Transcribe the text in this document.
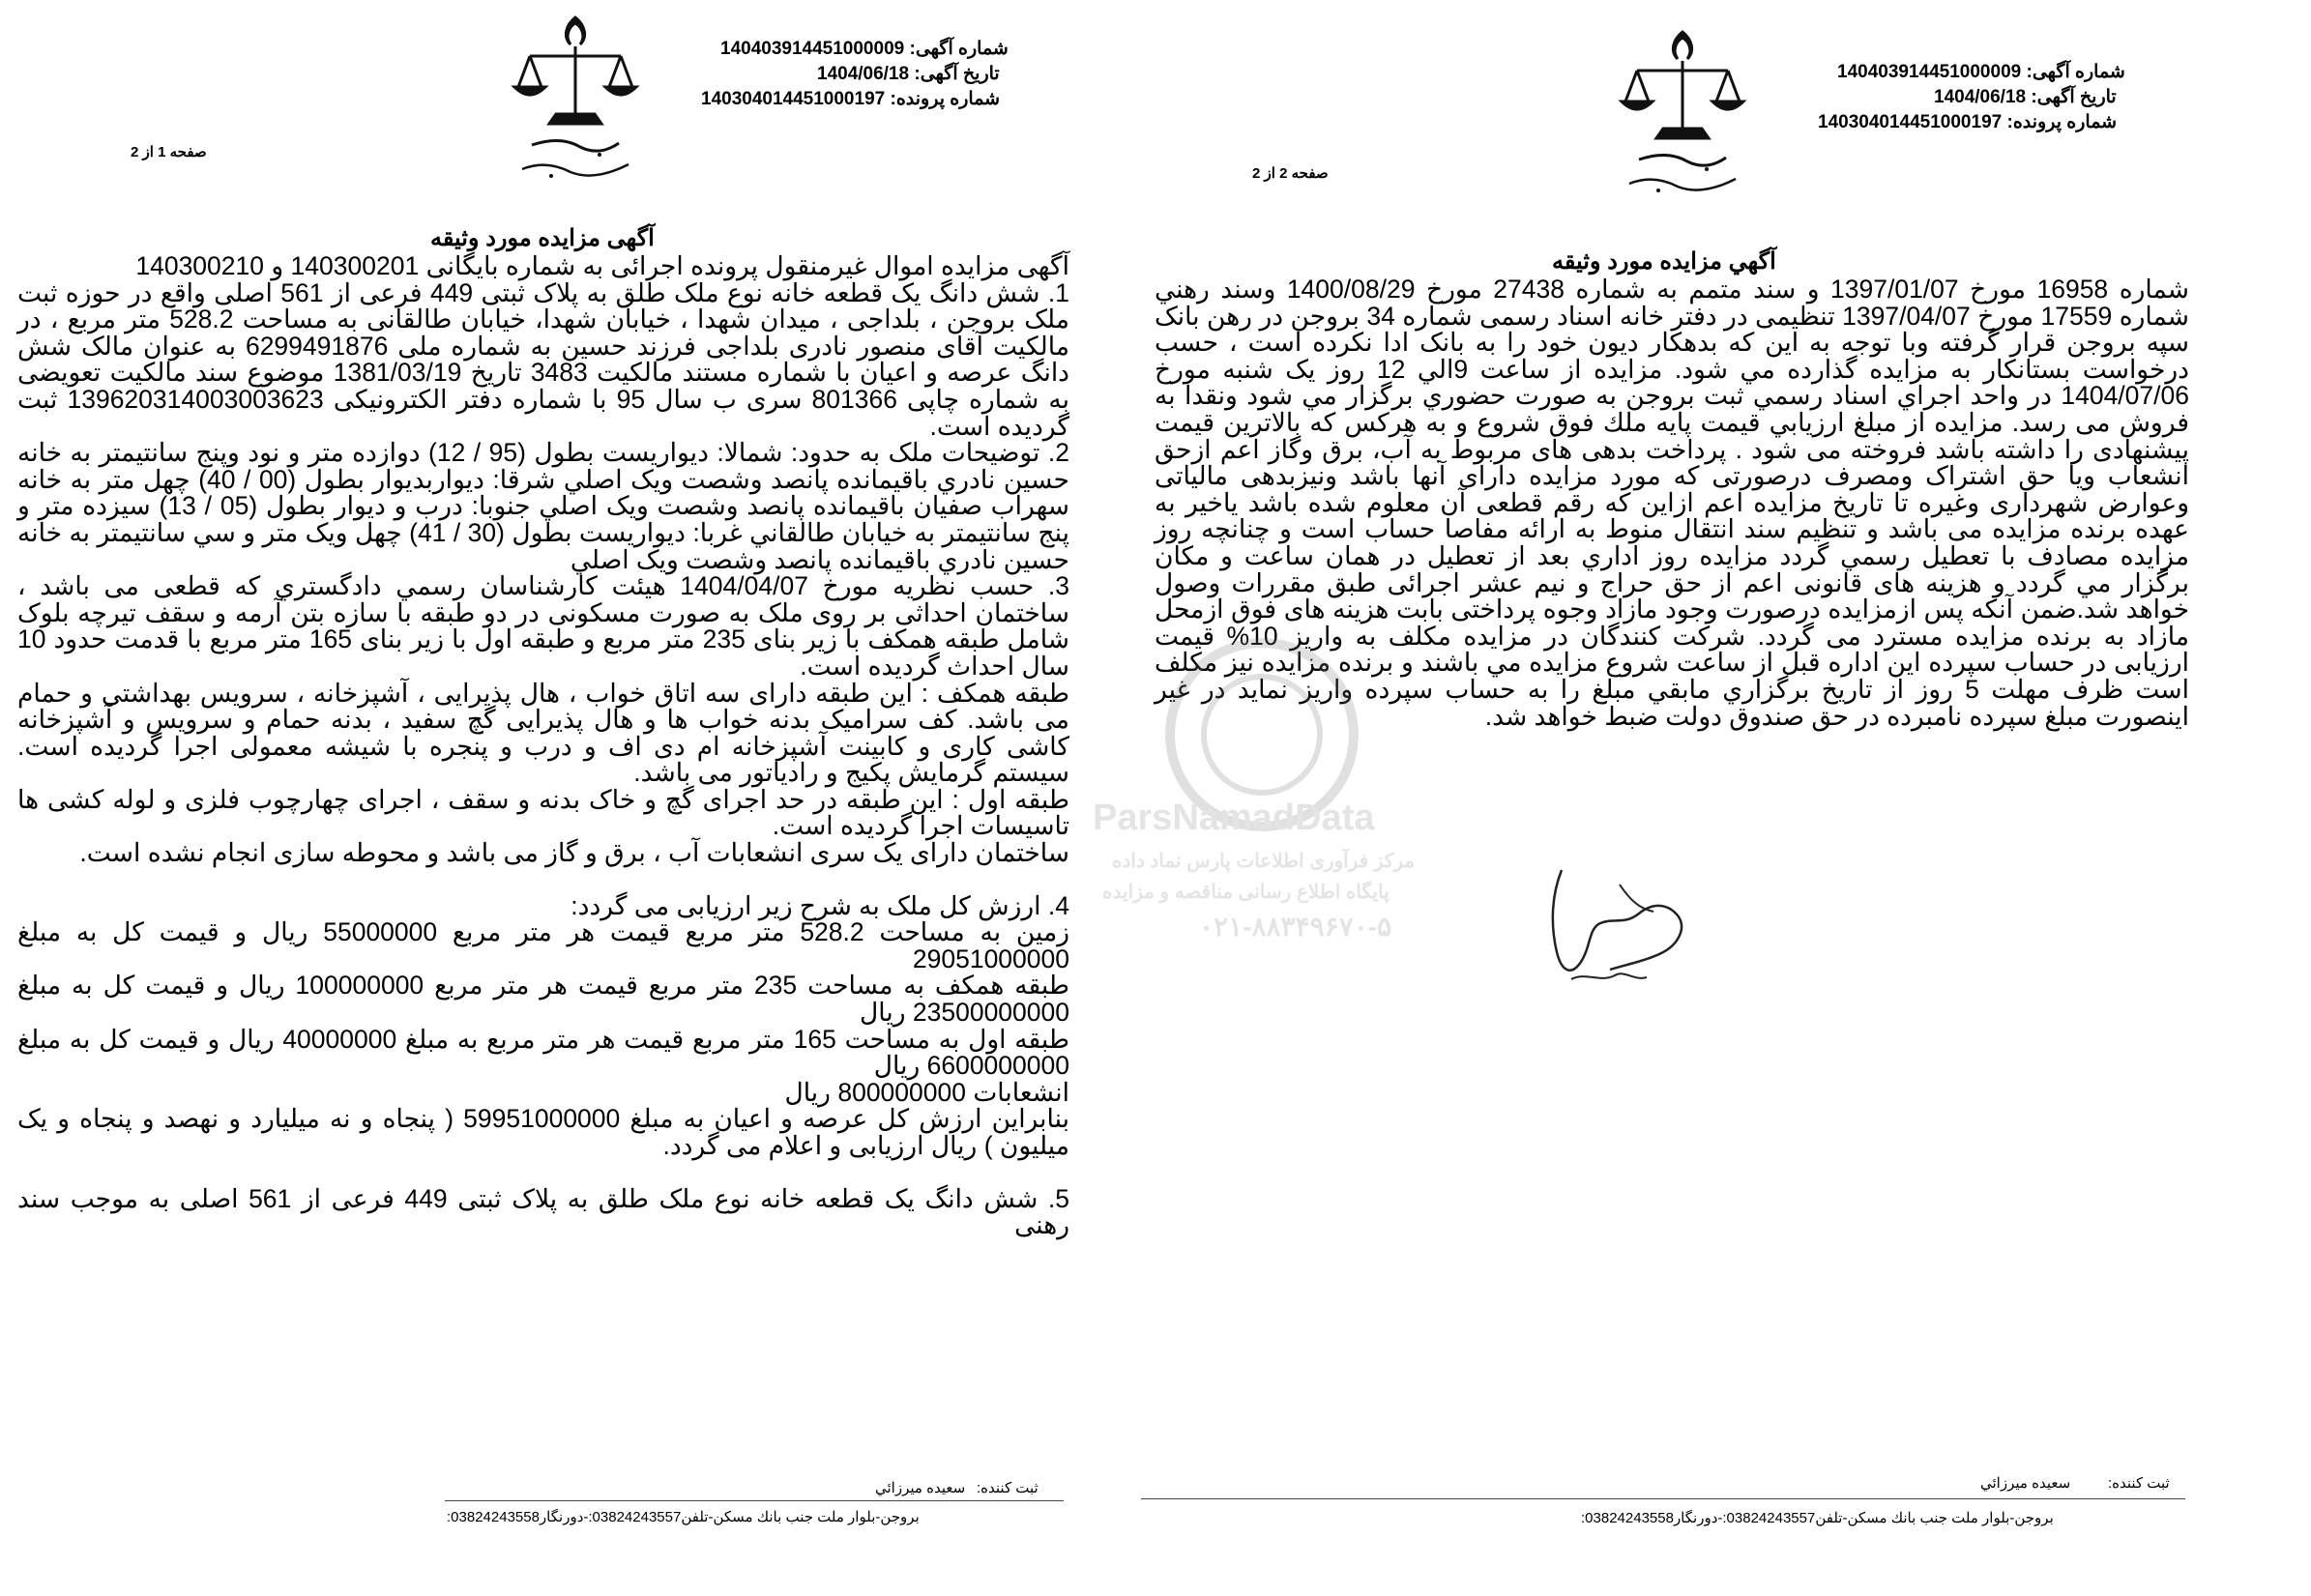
شماره آگهی: 140403914451000009
تاریخ آگهی: 1404/06/18
شماره پرونده: 140304014451000197
صفحه 1 از 2
آگهی مزایده مورد وثیقه

آگهی مزایده اموال غیرمنقول پرونده اجرائی به شماره بایگانی 140300201 و 140300210

1. شش دانگ یک قطعه خانه نوع ملک طلق به پلاک ثبتی 449 فرعی از 561 اصلی واقع در حوزه ثبت ملک بروجن ، بلداجی ، میدان شهدا ، خیابان شهدا، خیابان طالقانی به مساحت 528.2 متر مربع ، در مالکیت آقای منصور نادری بلداجی فرزند حسین به شماره ملی 6299491876 به عنوان مالک شش دانگ عرصه و اعیان با شماره مستند مالکیت 3483 تاریخ 1381/03/19 موضوع سند مالکیت تعویضی به شماره چاپی 801366 سری ب سال 95 با شماره دفتر الکترونیکی 139620314003003623 ثبت گردیده است.

2. توضیحات ملک به حدود: شمالا: دیواریست بطول (95 / 12) دوازده متر و نود وپنج سانتیمتر به خانه حسین نادري باقیمانده پانصد وشصت ویک اصلي شرقا: دیواربدیوار بطول (00 / 40) چهل متر به خانه سهراب صفیان باقیمانده پانصد وشصت ویک اصلي جنوبا: درب و دیوار بطول (05 / 13) سیزده متر و پنج سانتیمتر به خیابان طالقاني غربا: دیواریست بطول (30 / 41) چهل ویک متر و سي سانتیمتر به خانه حسین نادري باقیمانده پانصد وشصت ویک اصلي

3. حسب نظریه مورخ 1404/04/07 هیئت کارشناسان رسمي دادگستري که قطعی می باشد ، ساختمان احداثی بر روی ملک به صورت مسکونی در دو طبقه با سازه بتن آرمه و سقف تیرچه بلوک شامل طبقه همکف با زیر بنای 235 متر مربع و طبقه اول با زیر بنای 165 متر مربع با قدمت حدود 10 سال احداث گردیده است.

طبقه همکف : این طبقه دارای سه اتاق خواب ، هال پذیرایی ، آشپزخانه ، سرویس بهداشتی و حمام می باشد. کف سرامیک بدنه خواب ها و هال پذیرایی گچ سفید ، بدنه حمام و سرویس و آشپزخانه کاشی کاری و کابینت آشپزخانه ام دی اف و درب و پنجره با شیشه معمولی اجرا گردیده است. سیستم گرمایش پکیج و رادیاتور می باشد.

طبقه اول : این طبقه در حد اجرای گچ و خاک بدنه و سقف ، اجرای چهارچوب فلزی و لوله کشی ها تاسیسات اجرا گردیده است.

ساختمان دارای یک سری انشعابات آب ، برق و گاز می باشد و محوطه سازی انجام نشده است.

4. ارزش کل ملک به شرح زیر ارزیابی می گردد:

زمین به مساحت 528.2 متر مربع قیمت هر متر مربع 55000000 ریال و قیمت کل به مبلغ 29051000000

طبقه همکف به مساحت 235 متر مربع قیمت هر متر مربع 100000000 ریال و قیمت کل به مبلغ 23500000000 ریال

طبقه اول به مساحت 165 متر مربع قیمت هر متر مربع به مبلغ 40000000 ریال و قیمت کل به مبلغ 6600000000 ریال

انشعابات 800000000 ریال

بنابراین ارزش کل عرصه و اعیان به مبلغ 59951000000 ( پنجاه و نه میلیارد و نهصد و پنجاه و یک میلیون ) ریال ارزیابی و اعلام می گردد.

5. شش دانگ یک قطعه خانه نوع ملک طلق به پلاک ثبتی 449 فرعی از 561 اصلی به موجب سند رهنی

ثبت کننده:
سعیده میرزائي
بروجن-بلوار ملت جنب بانك مسكن-تلفن03824243557:-دورنگار03824243558:
شماره آگهی: 140403914451000009
تاریخ آگهی: 1404/06/18
شماره پرونده: 140304014451000197
صفحه 2 از 2
آگهي مزايده مورد وثيقه

شماره 16958 مورخ 1397/01/07 و سند متمم به شماره 27438 مورخ 1400/08/29 وسند رهني شماره 17559 مورخ 1397/04/07 تنظیمی در دفتر خانه اسناد رسمی شماره 34 بروجن در رهن بانک سپه بروجن قرار گرفته وبا توجه به این که بدهکار دیون خود را به بانک ادا نکرده است ، حسب درخواست بستانکار به مزایده گذارده مي شود. مزايده از ساعت 9الي 12 روز یک شنبه مورخ 1404/07/06 در واحد اجراي اسناد رسمي ثبت بروجن به صورت حضوري برگزار مي شود ونقدا به فروش می رسد. مزایده از مبلغ ارزيابي قيمت پايه ملك فوق شروع و به هرکس که بالاترین قیمت پیشنهادی را داشته باشد فروخته می شود . پرداخت بدهی های مربوط به آب، برق وگاز اعم ازحق انشعاب ویا حق اشتراک ومصرف درصورتی که مورد مزایده دارای آنها باشد ونیزبدهی مالیاتی وعوارض شهرداری وغیره تا تاریخ مزایده اعم ازاین که رقم قطعی آن معلوم شده باشد یاخیر به عهده برنده مزایده می باشد و تنظیم سند انتقال منوط به ارائه مفاصا حساب است و چنانچه روز مزايده مصادف با تعطیل رسمي گردد مزايده روز اداري بعد از تعطيل در همان ساعت و مكان برگزار مي گردد و هزینه های قانونی اعم از حق حراج و نیم عشر اجرائی طبق مقررات وصول خواهد شد.ضمن آنکه پس ازمزایده درصورت وجود مازاد وجوه پرداختی بابت هزینه های فوق ازمحل مازاد به برنده مزایده مسترد می گردد. شرکت کنندگان در مزایده مکلف به واریز 10% قیمت ارزیابی در حساب سپرده این اداره قبل از ساعت شروع مزايده مي باشند و برنده مزایده نیز مکلف است ظرف مهلت 5 روز از تاريخ برگزاري مابقي مبلغ را به حساب سپرده واریز نماید در غیر اینصورت مبلغ سپرده نامبرده در حق صندوق دولت ضبط خواهد شد.

ثبت کننده:
سعیده میرزائي
بروجن-بلوار ملت جنب بانك مسكن-تلفن03824243557:-دورنگار03824243558:
ParsNamadData
مرکز فرآوری اطلاعات پارس نماد داده
پایگاه اطلاع رسانی مناقصه و مزایده
۰۲۱-۸۸۳۴۹۶۷۰-۵
